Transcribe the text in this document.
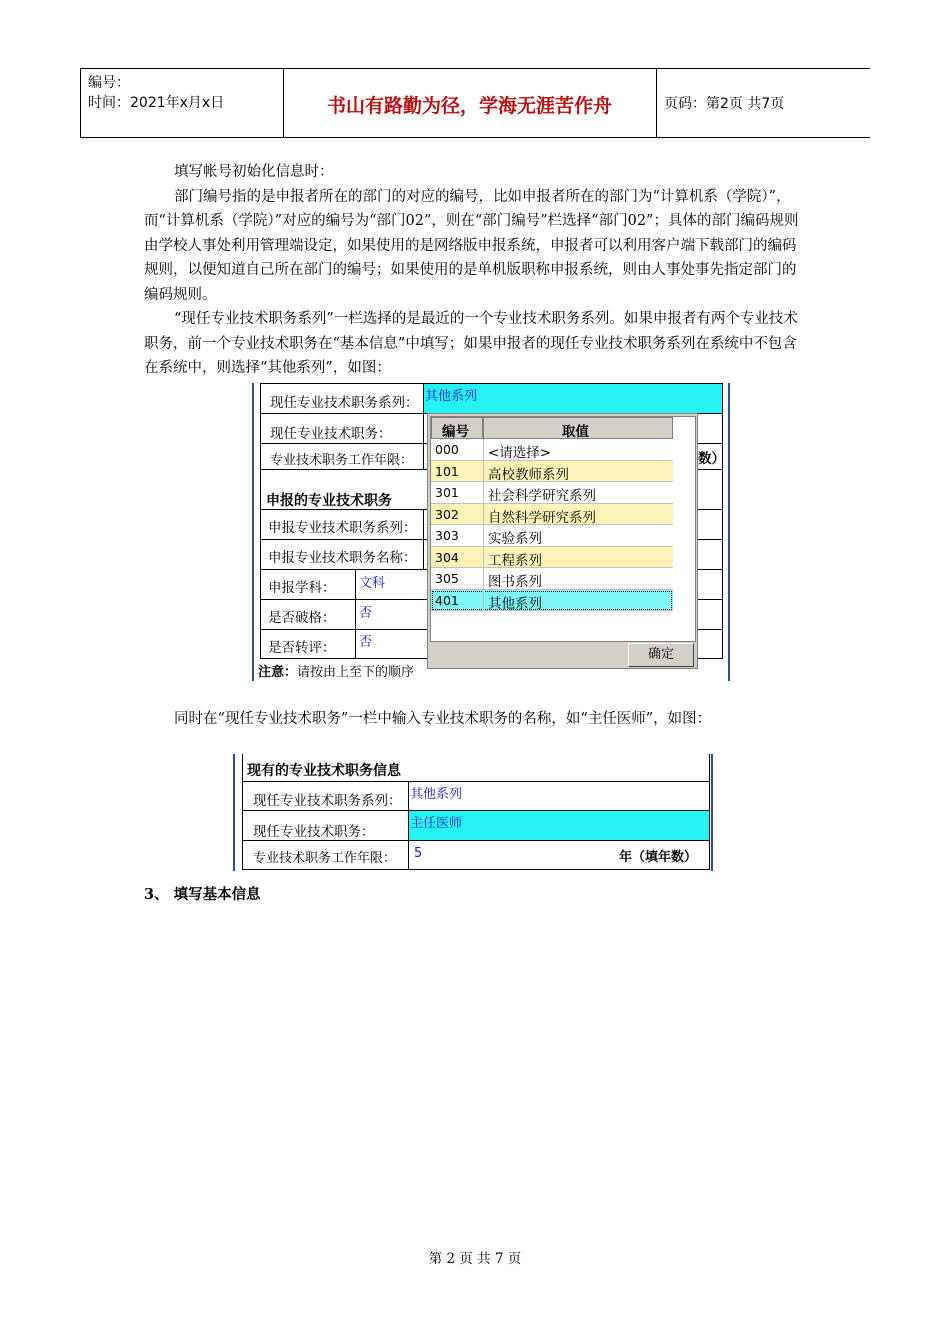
编号：
时间：2021年x月x日	书山有路勤为径，学海无涯苦作舟	页码：第2页 共7页

填写帐号初始化信息时：

部门编号指的是申报者所在的部门的对应的编号，比如申报者所在的部门为“计算机系（学院）”，而“计算机系（学院）”对应的编号为“部门02”，则在“部门编号”栏选择“部门02”；具体的部门编码规则由学校人事处利用管理端设定，如果使用的是网络版申报系统，申报者可以利用客户端下载部门的编码规则，以便知道自己所在部门的编号；如果使用的是单机版职称申报系统，则由人事处事先指定部门的编码规则。

“现任专业技术职务系列”一栏选择的是最近的一个专业技术职务系列。如果申报者有两个专业技术职务，前一个专业技术职务在“基本信息”中填写；如果申报者的现任专业技术职务系列在系统中不包含在系统中，则选择“其他系列”，如图：

现任专业技术职务系列： 其他系列
现任专业技术职务：
专业技术职务工作年限：	数）
申报的专业技术职务
申报专业技术职务系列：
申报专业技术职务名称：
申报学科： 文科
是否破格： 否
是否转评： 否
注意：请按由上至下的顺序
编号	取值
000 <请选择>
101 高校教师系列
301 社会科学研究系列
302 自然科学研究系列
303 实验系列
304 工程系列
305 图书系列
401 其他系列
确定

同时在“现任专业技术职务”一栏中输入专业技术职务的名称，如“主任医师”，如图：

现有的专业技术职务信息
现任专业技术职务系列： 其他系列
现任专业技术职务：
主任医师
专业技术职务工作年限： 5	年（填年数）
3、 填写基本信息
第 2 页 共 7 页
